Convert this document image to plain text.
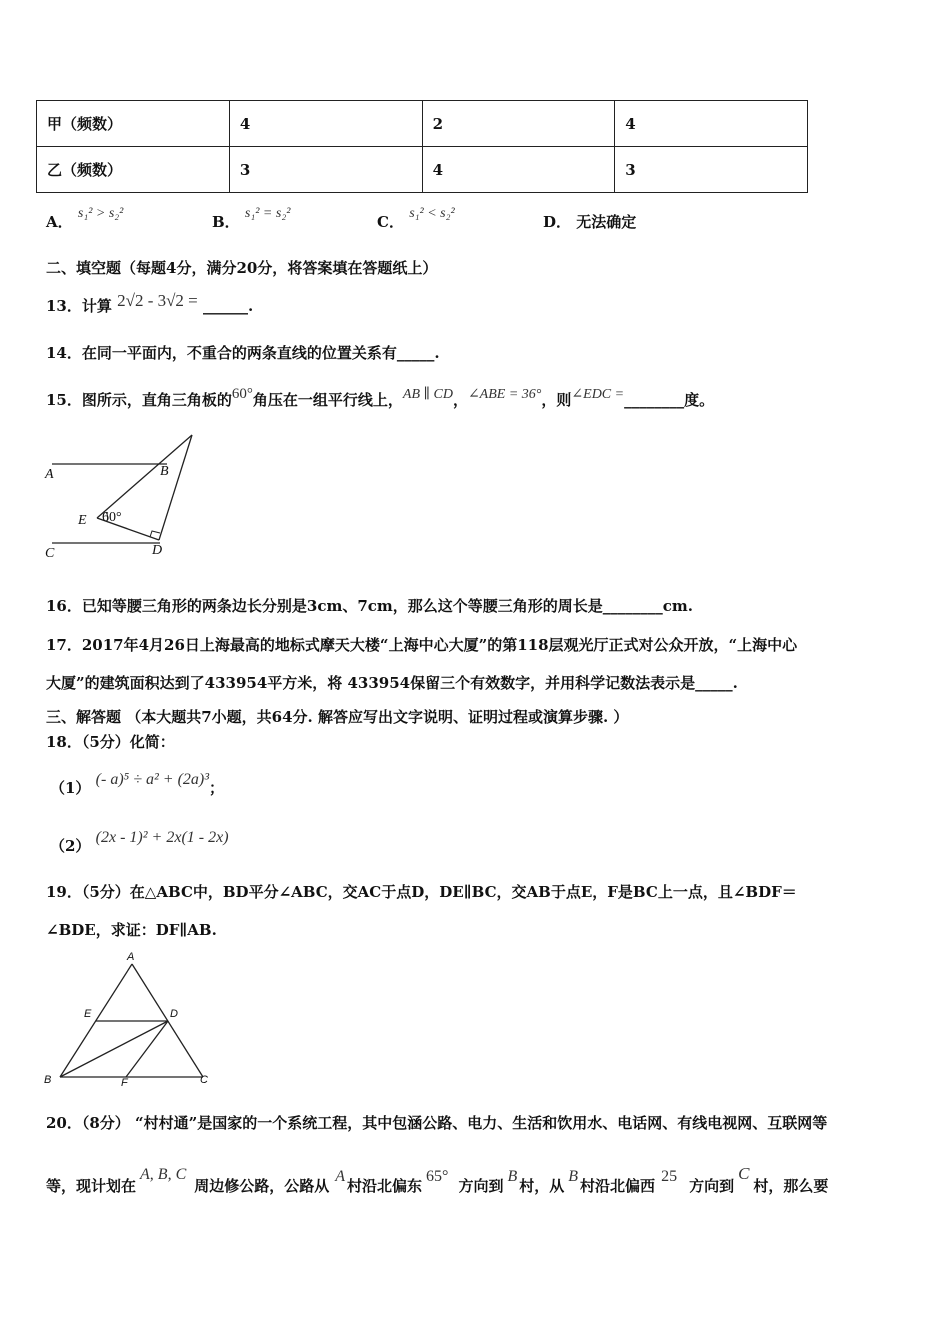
甲（频数）	4	2	4
乙（频数）	3	4	3
A． s₁² > s₂²	B． s₁² = s₂²	C． s₁² < s₂²	D． 无法确定
二、填空题（每题4分，满分20分，将答案填在答题纸上）
13．计算 2√2 - 3√2 = ______.
14．在同一平面内，不重合的两条直线的位置关系有_____.
15．图所示，直角三角板的60°角压在一组平行线上，AB ∥ CD，∠ABE = 36°，则∠EDC =________度。
A	B
E 60°
C	D
16．已知等腰三角形的两条边长分别是3cm、7cm，那么这个等腰三角形的周长是________cm.
17．2017年4月26日上海最高的地标式摩天大楼“上海中心大厦”的第118层观光厅正式对公众开放，“上海中心
大厦”的建筑面积达到了433954平方米，将 433954保留三个有效数字，并用科学记数法表示是_____.
三、解答题 （本大题共7小题，共64分. 解答应写出文字说明、证明过程或演算步骤. ）
18．（5分）化简：
（1） (- a)⁵ ÷ a² + (2a)³；
（2） (2x - 1)² + 2x(1 - 2x)
19．（5分）在△ABC中，BD平分∠ABC，交AC于点D，DE∥BC，交AB于点E，F是BC上一点，且∠BDF＝
∠BDE，求证：DF∥AB.
A
E	D
B	F	C
20．（8分） “村村通”是国家的一个系统工程，其中包涵公路、电力、生活和饮用水、电话网、有线电视网、互联网等
等，现计划在A, B, C周边修公路，公路从A村沿北偏东65°方向到B村，从B村沿北偏西25方向到C村，那么要
